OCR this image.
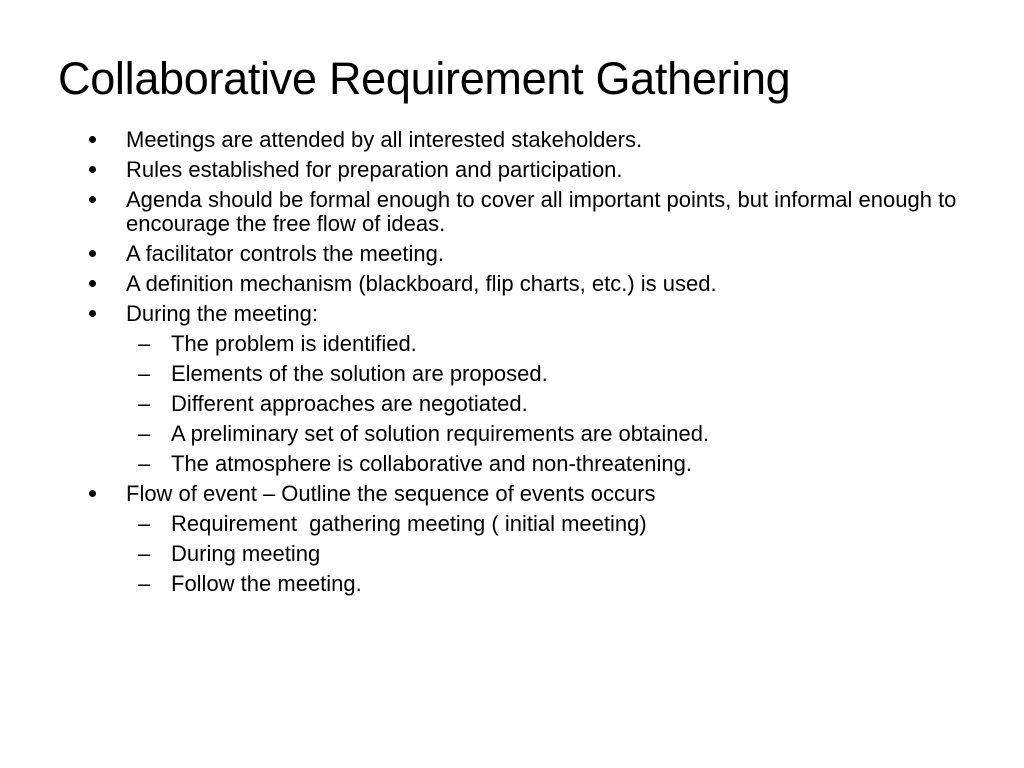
Collaborative Requirement Gathering
Meetings are attended by all interested stakeholders.
Rules established for preparation and participation.
Agenda should be formal enough to cover all important points, but informal enough to encourage the free flow of ideas.
A facilitator controls the meeting.
A definition mechanism (blackboard, flip charts, etc.) is used.
During the meeting:
– The problem is identified.
– Elements of the solution are proposed.
– Different approaches are negotiated.
– A preliminary set of solution requirements are obtained.
– The atmosphere is collaborative and non-threatening.
Flow of event – Outline the sequence of events occurs
– Requirement  gathering meeting ( initial meeting)
– During meeting
– Follow the meeting.
